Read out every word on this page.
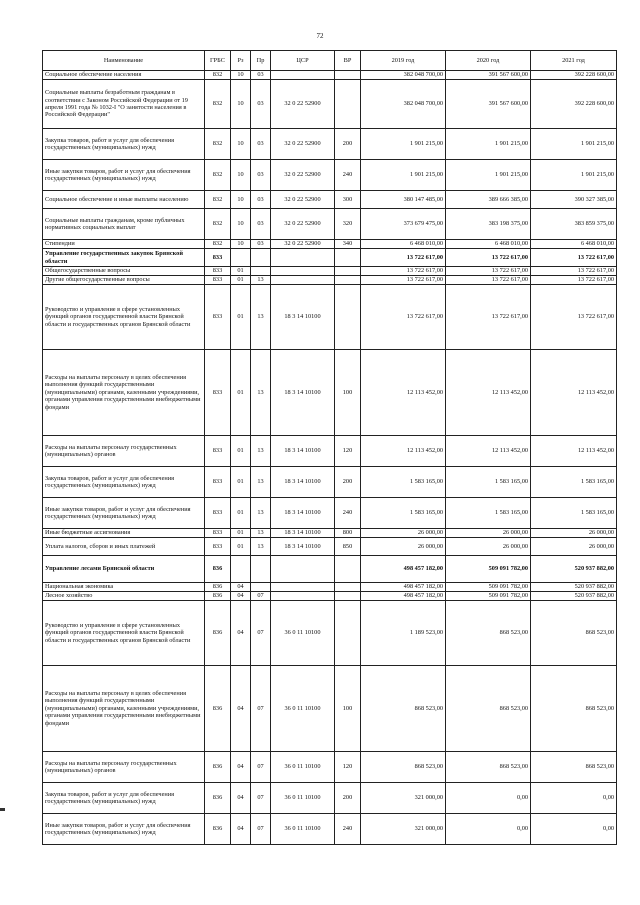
72
Наименование	ГРБС	Рз	Пр	ЦСР	ВР	2019 год	2020 год	2021 год
Социальное обеспечение населения	832	10	03			382 048 700,00	391 567 600,00	392 228 600,00
Социальные выплаты безработным гражданам в соответствии с Законом Российской Федерации от 19 апреля 1991 года № 1032-I "О занятости населения в Российской Федерации"	832	10	03	32 0 22 52900		382 048 700,00	391 567 600,00	392 228 600,00
Закупка товаров, работ и услуг для обеспечения государственных (муниципальных) нужд	832	10	03	32 0 22 52900	200	1 901 215,00	1 901 215,00	1 901 215,00
Иные закупки товаров, работ и услуг для обеспечения государственных (муниципальных) нужд	832	10	03	32 0 22 52900	240	1 901 215,00	1 901 215,00	1 901 215,00
Социальное обеспечение и иные выплаты населению	832	10	03	32 0 22 52900	300	380 147 485,00	389 666 385,00	390 327 385,00
Социальные выплаты гражданам, кроме публичных нормативных социальных выплат	832	10	03	32 0 22 52900	320	373 679 475,00	383 198 375,00	383 859 375,00
Стипендии	832	10	03	32 0 22 52900	340	6 468 010,00	6 468 010,00	6 468 010,00
Управление государственных закупок Брянской области	833					13 722 617,00	13 722 617,00	13 722 617,00
Общегосударственные вопросы	833	01				13 722 617,00	13 722 617,00	13 722 617,00
Другие общегосударственные вопросы	833	01	13			13 722 617,00	13 722 617,00	13 722 617,00
Руководство и управление в сфере установленных функций органов государственной власти Брянской области и государственных органов Брянской области	833	01	13	18 3 14 10100		13 722 617,00	13 722 617,00	13 722 617,00
Расходы на выплаты персоналу в целях обеспечения выполнения функций государственными (муниципальными) органами, казенными учреждениями, органами управления государственными внебюджетными фондами	833	01	13	18 3 14 10100	100	12 113 452,00	12 113 452,00	12 113 452,00
Расходы на выплаты персоналу государственных (муниципальных) органов	833	01	13	18 3 14 10100	120	12 113 452,00	12 113 452,00	12 113 452,00
Закупка товаров, работ и услуг для обеспечения государственных (муниципальных) нужд	833	01	13	18 3 14 10100	200	1 583 165,00	1 583 165,00	1 583 165,00
Иные закупки товаров, работ и услуг для обеспечения государственных (муниципальных) нужд	833	01	13	18 3 14 10100	240	1 583 165,00	1 583 165,00	1 583 165,00
Иные бюджетные ассигнования	833	01	13	18 3 14 10100	800	26 000,00	26 000,00	26 000,00
Уплата налогов, сборов и иных платежей	833	01	13	18 3 14 10100	850	26 000,00	26 000,00	26 000,00
Управление лесами Брянской области	836					498 457 182,00	509 091 782,00	520 937 882,00
Национальная экономика	836	04				498 457 182,00	509 091 782,00	520 937 882,00
Лесное хозяйство	836	04	07			498 457 182,00	509 091 782,00	520 937 882,00
Руководство и управление в сфере установленных функций органов государственной власти Брянской области и государственных органов Брянской области	836	04	07	36 0 11 10100		1 189 523,00	868 523,00	868 523,00
Расходы на выплаты персоналу в целях обеспечения выполнения функций государственными (муниципальными) органами, казенными учреждениями, органами управления государственными внебюджетными фондами	836	04	07	36 0 11 10100	100	868 523,00	868 523,00	868 523,00
Расходы на выплаты персоналу государственных (муниципальных) органов	836	04	07	36 0 11 10100	120	868 523,00	868 523,00	868 523,00
Закупка товаров, работ и услуг для обеспечения государственных (муниципальных) нужд	836	04	07	36 0 11 10100	200	321 000,00	0,00	0,00
Иные закупки товаров, работ и услуг для обеспечения государственных (муниципальных) нужд	836	04	07	36 0 11 10100	240	321 000,00	0,00	0,00
